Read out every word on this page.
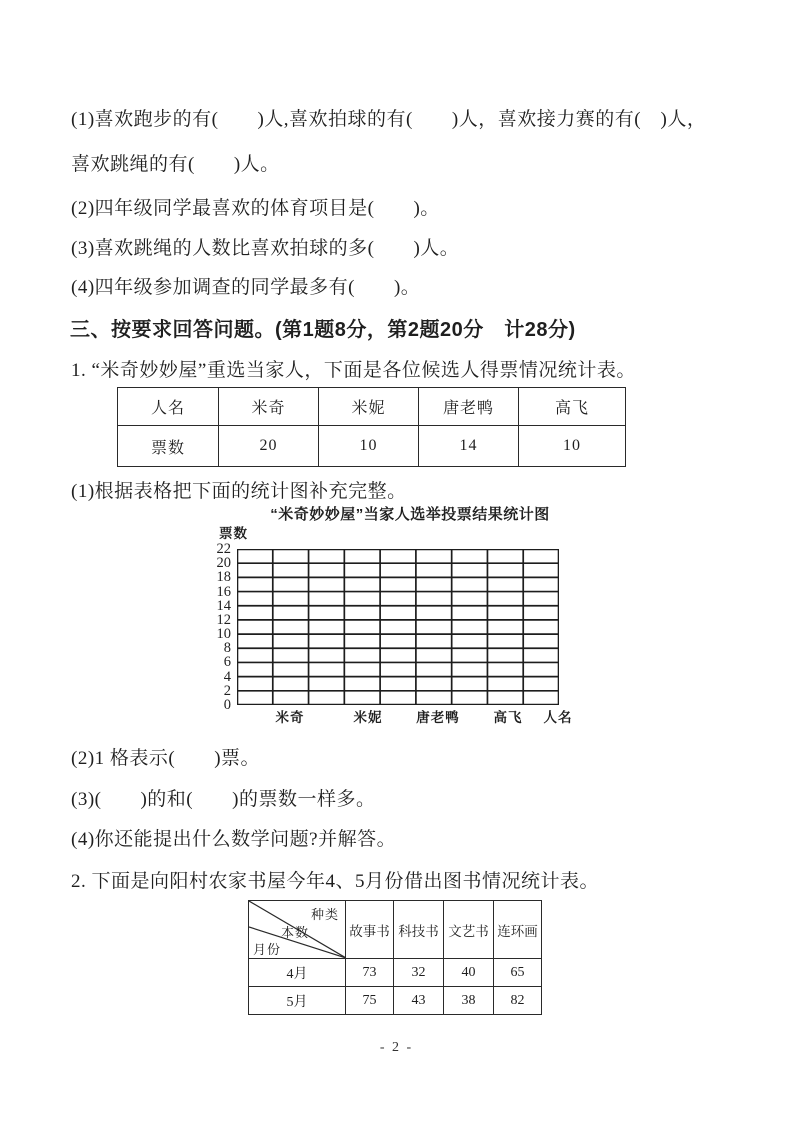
(1)喜欢跑步的有(　　)人,喜欢拍球的有(　　)人，喜欢接力赛的有(　)人，
喜欢跳绳的有(　　)人。
(2)四年级同学最喜欢的体育项目是(　　)。
(3)喜欢跳绳的人数比喜欢拍球的多(　　)人。
(4)四年级参加调查的同学最多有(　　)。
三、按要求回答问题。(第1题8分，第2题20分　计28分)
1. “米奇妙妙屋”重选当家人，下面是各位候选人得票情况统计表。
人名	米奇	米妮	唐老鸭	高飞
票数	20	10	14	10
(1)根据表格把下面的统计图补充完整。
“米奇妙妙屋”当家人选举投票结果统计图
票数
22
20
18
16
14
12
10
8
6
4
2
0
米奇	米妮	唐老鸭	高飞 人名
(2)1 格表示(　　)票。
(3)(　　)的和(　　)的票数一样多。
(4)你还能提出什么数学问题?并解答。
2. 下面是向阳村农家书屋今年4、5月份借出图书情况统计表。
种类
本数
月份	故事书	科技书	文艺书	连环画
4月	73	32	40	65
5月	75	43	38	82
- 2 -
